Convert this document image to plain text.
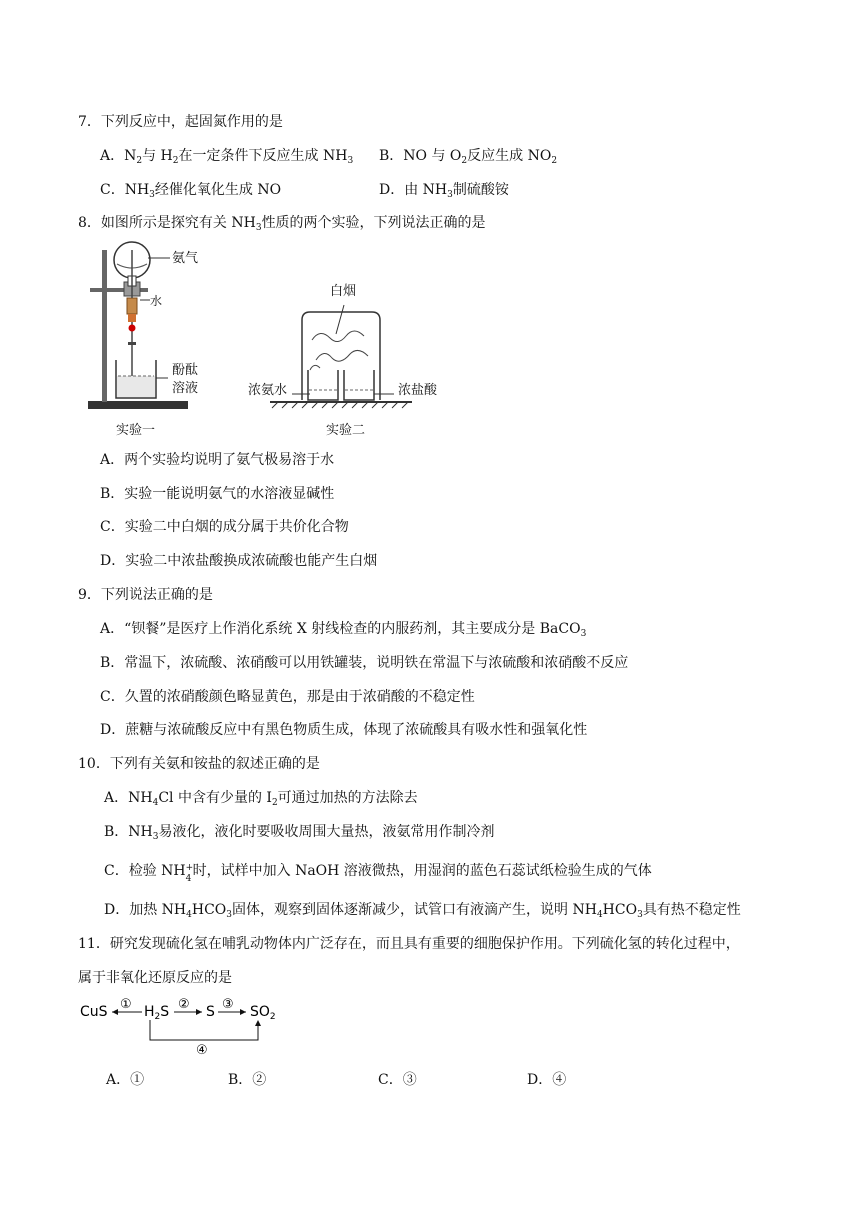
7．下列反应中，起固氮作用的是
A．$N_2$与 $H_2$在一定条件下反应生成 $NH_3$ B．NO 与 $O_2$反应生成 $NO_2$
C．$NH_3$经催化氧化生成 NO	D．由 $NH_3$制硫酸铵
8．如图所示是探究有关 $NH_3$性质的两个实验，下列说法正确的是
氨气
水
酚酞
溶液
实验一
白烟
浓氨水	浓盐酸
实验二
A．两个实验均说明了氨气极易溶于水
B．实验一能说明氨气的水溶液显碱性
C．实验二中白烟的成分属于共价化合物
D．实验二中浓盐酸换成浓硫酸也能产生白烟
9．下列说法正确的是
A．“钡餐”是医疗上作消化系统 X 射线检查的内服药剂，其主要成分是 BaCO$_3$
B．常温下，浓硫酸、浓硝酸可以用铁罐装，说明铁在常温下与浓硫酸和浓硝酸不反应
C．久置的浓硝酸颜色略显黄色，那是由于浓硝酸的不稳定性
D．蔗糖与浓硫酸反应中有黑色物质生成，体现了浓硫酸具有吸水性和强氧化性
10．下列有关氨和铵盐的叙述正确的是
A．$NH_4Cl$ 中含有少量的 $I_2$可通过加热的方法除去
B．$NH_3$易液化，液化时要吸收周围大量热，液氨常用作制冷剂
C．检验 NH +
4 时，试样中加入 NaOH 溶液微热，用湿润的蓝色石蕊试纸检验生成的气体
D．加热 $NH_4HCO_3$固体，观察到固体逐渐减少，试管口有液滴产生，说明 $NH_4HCO_3$具有热不稳定性
11．研究发现硫化氢在哺乳动物体内广泛存在，而且具有重要的细胞保护作用。下列硫化氢的转化过程中，
属于非氧化还原反应的是
CuS ① $H_2S$ ② S ③ $SO_2$
④
A．①	B．②	C．③	D．④
